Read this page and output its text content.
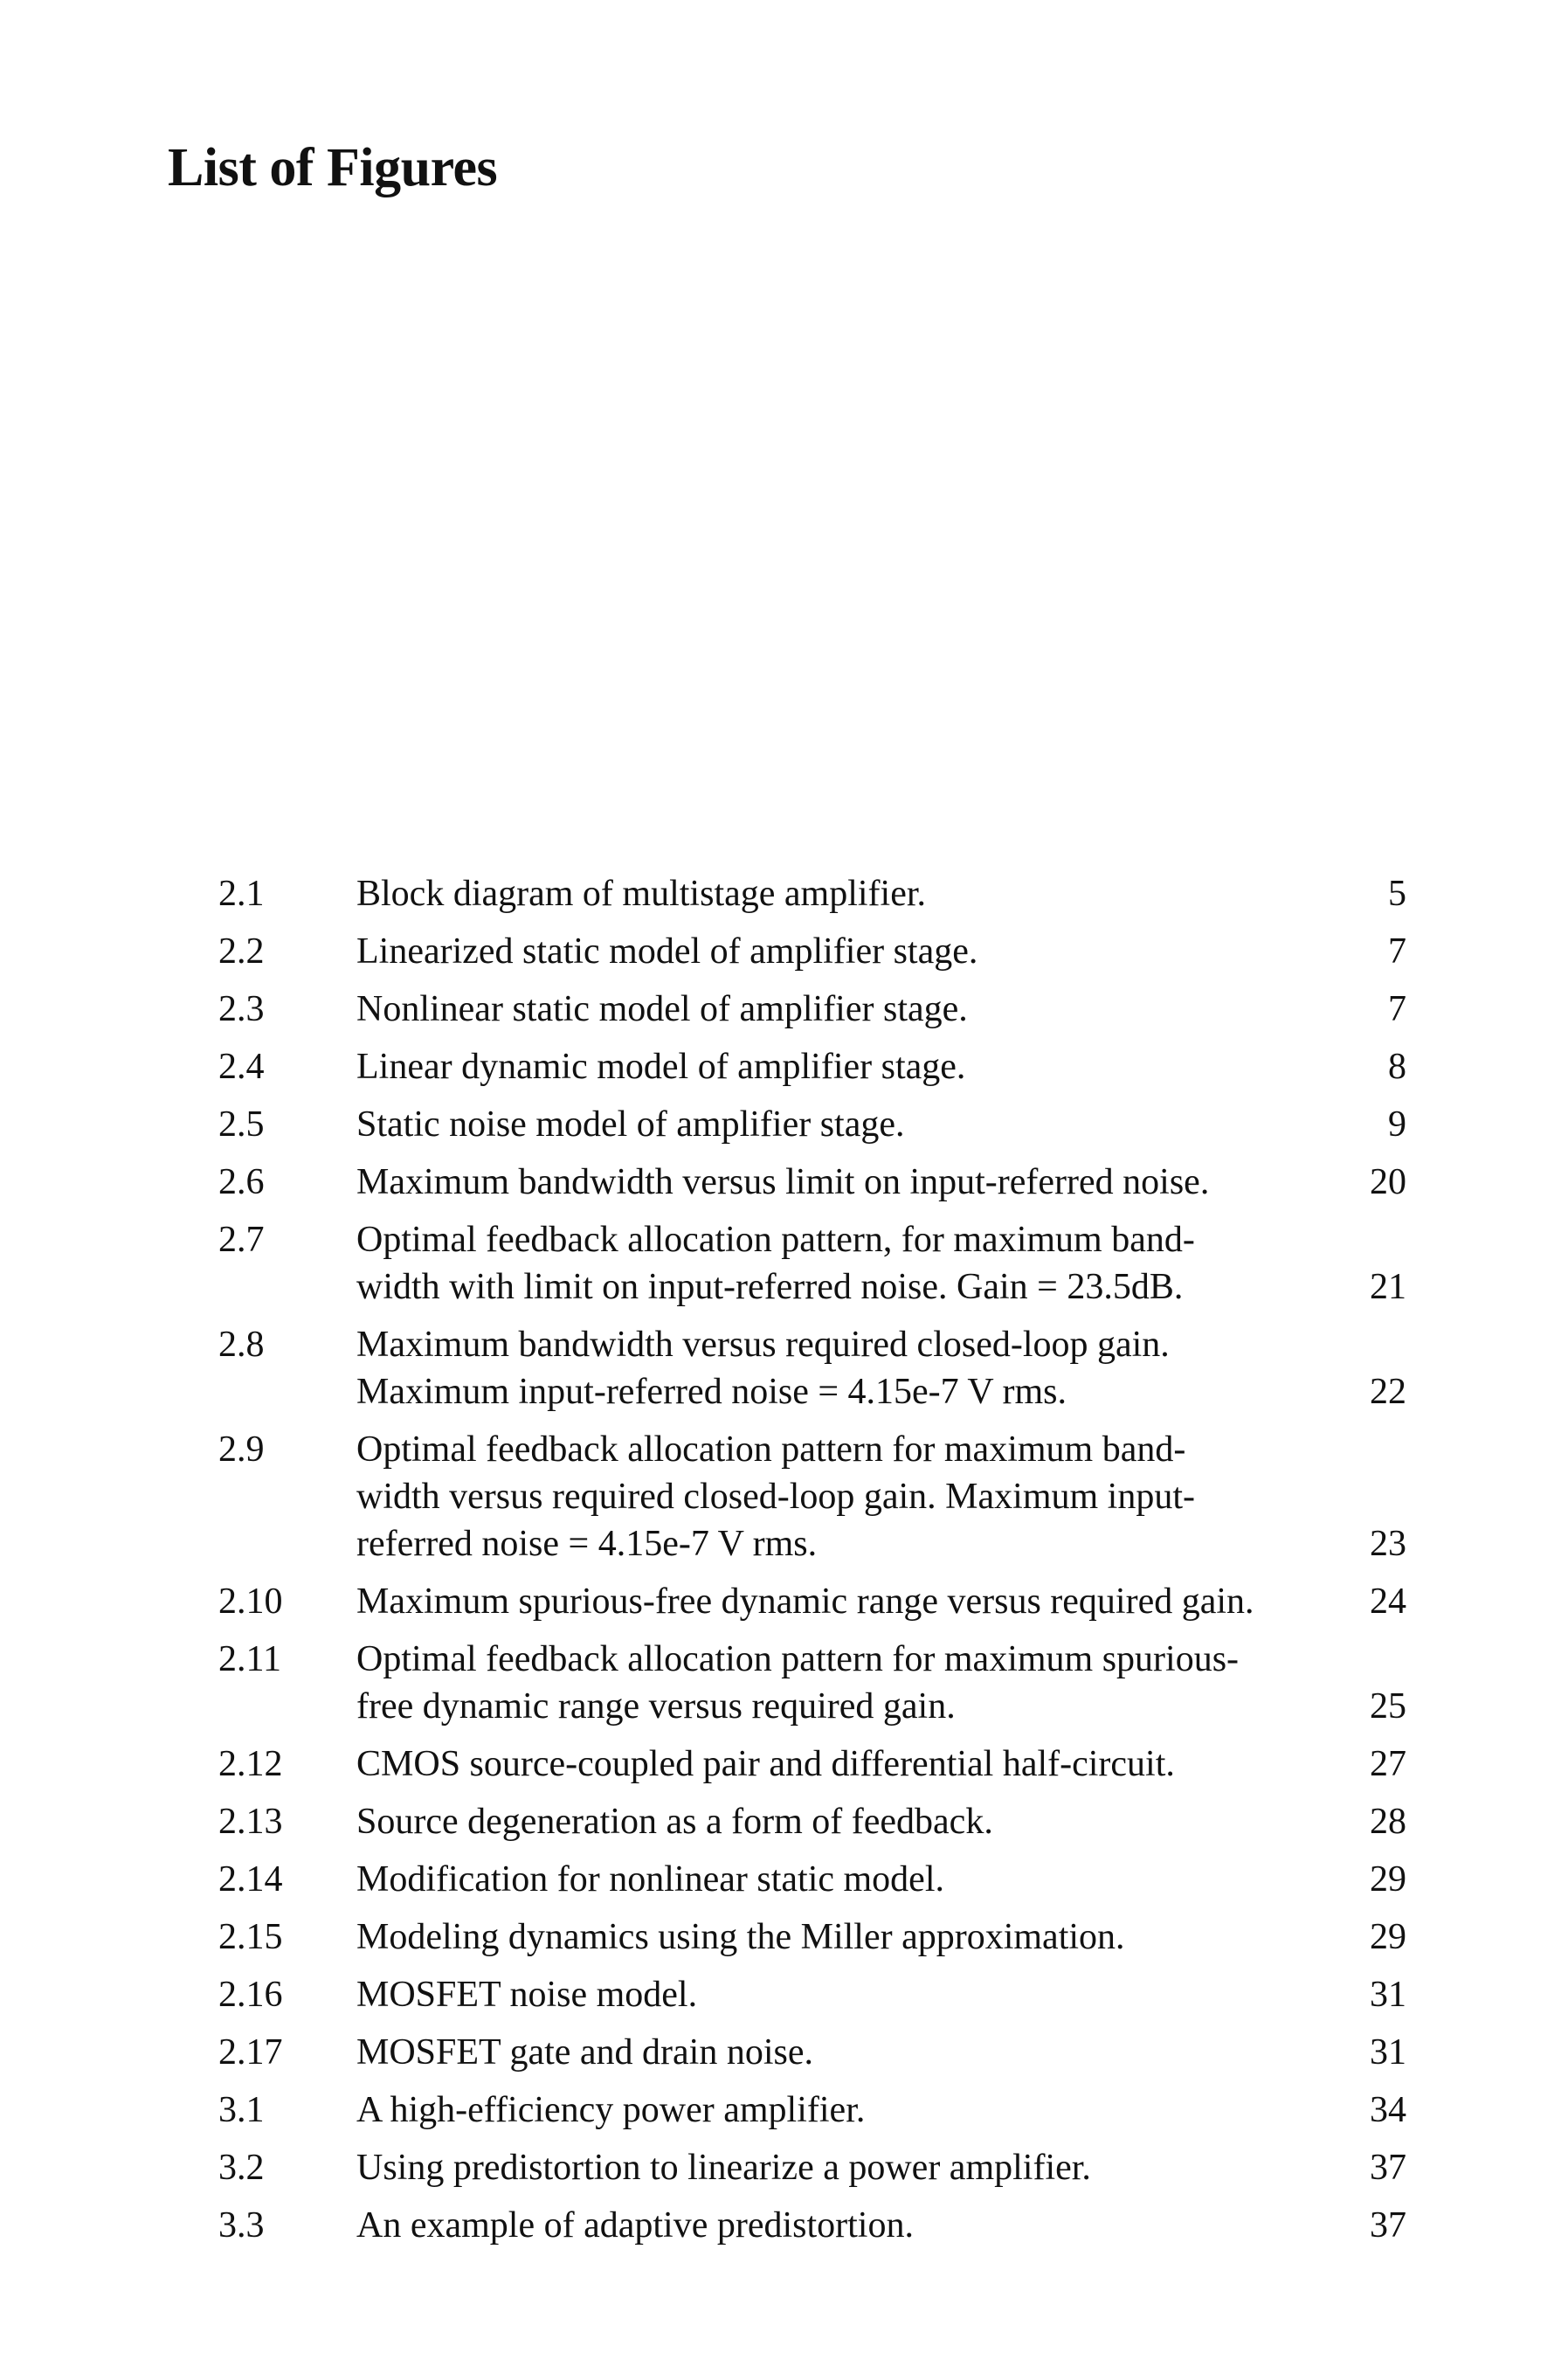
List of Figures
2.1	Block diagram of multistage amplifier.	5
2.2	Linearized static model of amplifier stage.	7
2.3	Nonlinear static model of amplifier stage.	7
2.4	Linear dynamic model of amplifier stage.	8
2.5	Static noise model of amplifier stage.	9
2.6	Maximum bandwidth versus limit on input-referred noise.	20
2.7	Optimal feedback allocation pattern, for maximum band-
width with limit on input-referred noise. Gain = 23.5dB.	21
2.8	Maximum bandwidth versus required closed-loop gain.
Maximum input-referred noise = 4.15e-7 V rms.	22
2.9	Optimal feedback allocation pattern for maximum band-
width versus required closed-loop gain. Maximum input-
referred noise = 4.15e-7 V rms.	23
2.10	Maximum spurious-free dynamic range versus required gain.	24
2.11	Optimal feedback allocation pattern for maximum spurious-
free dynamic range versus required gain.	25
2.12	CMOS source-coupled pair and differential half-circuit.	27
2.13	Source degeneration as a form of feedback.	28
2.14	Modification for nonlinear static model.	29
2.15	Modeling dynamics using the Miller approximation.	29
2.16	MOSFET noise model.	31
2.17	MOSFET gate and drain noise.	31
3.1	A high-efficiency power amplifier.	34
3.2	Using predistortion to linearize a power amplifier.	37
3.3	An example of adaptive predistortion.	37
